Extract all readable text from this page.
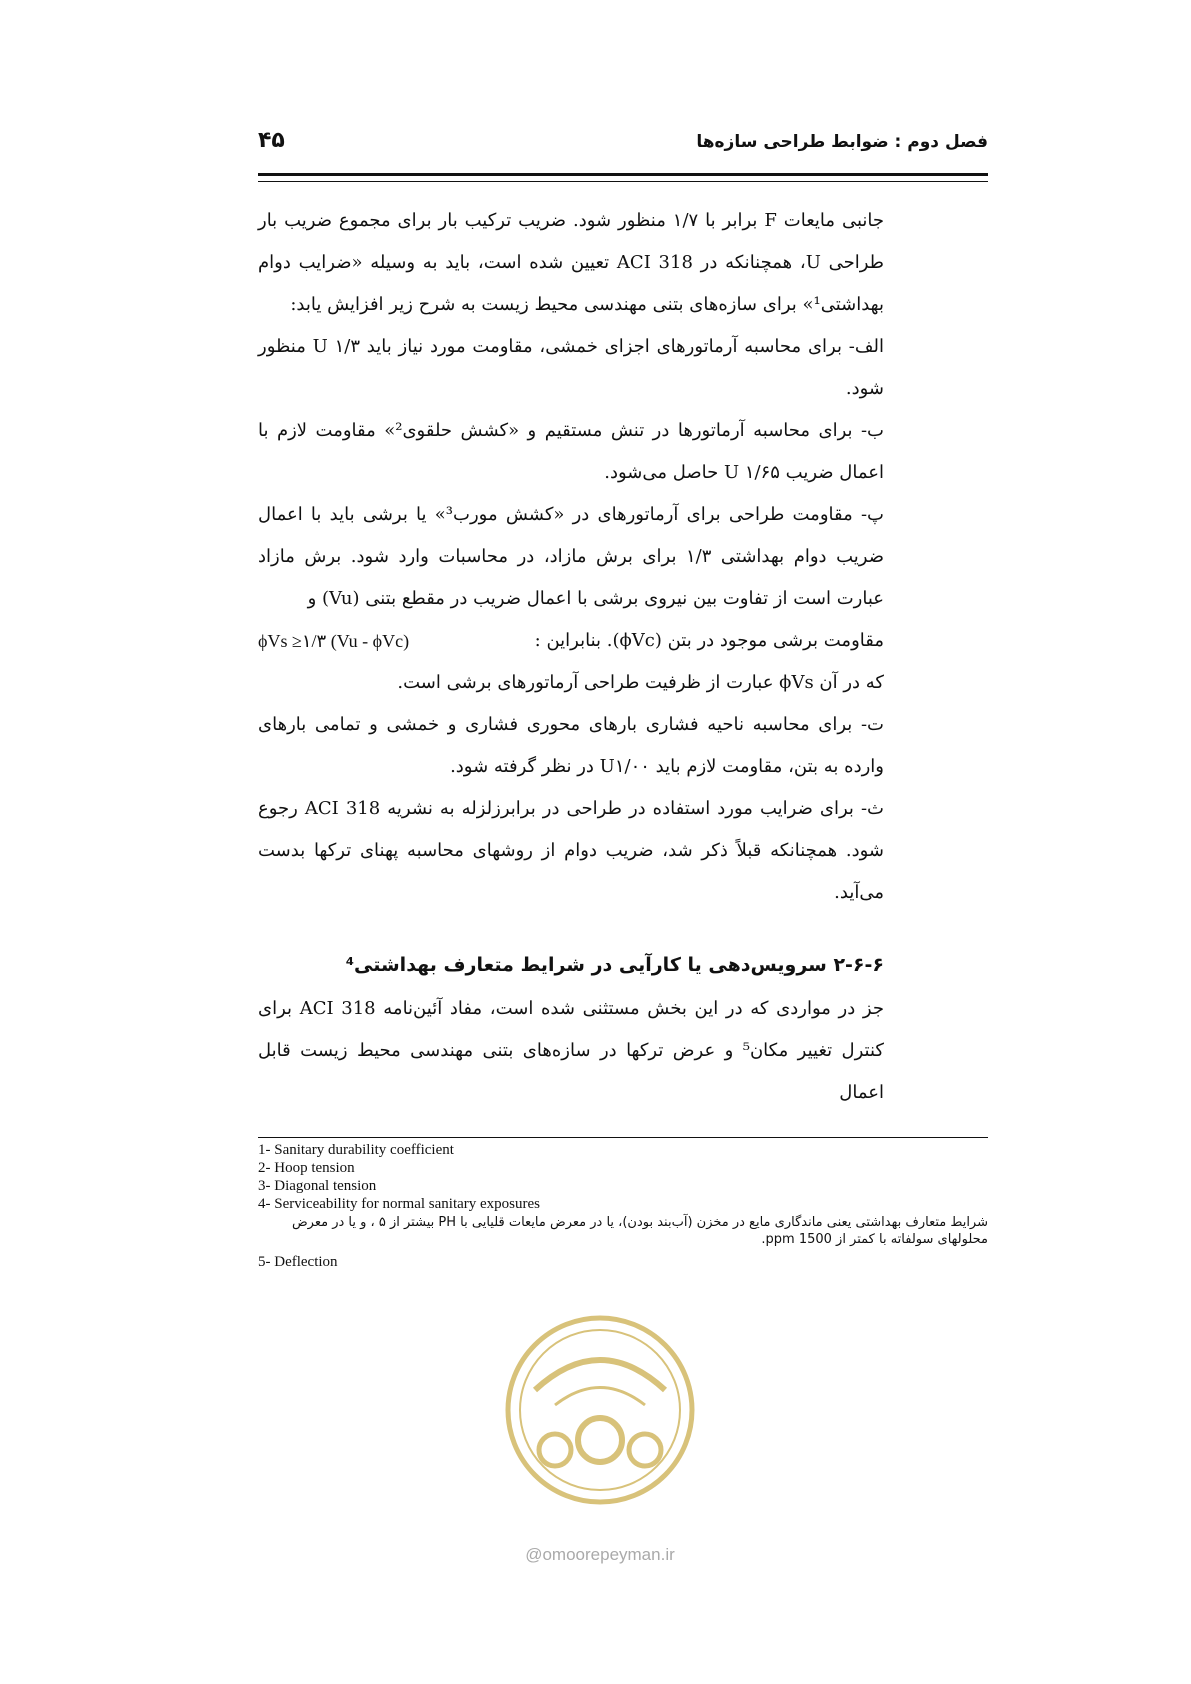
فصل دوم : ضوابط طراحی سازه‌ها
۴۵

جانبی مایعات F برابر با ۱/۷ منظور شود. ضریب ترکیب بار برای مجموع ضریب بار طراحی U، همچنانکه در ACI 318 تعیین شده است، باید به وسیله «ضرایب دوام بهداشتی¹» برای سازه‌های بتنی مهندسی محیط زیست به شرح زیر افزایش یابد:

الف- برای محاسبه آرماتورهای اجزای خمشی، مقاومت مورد نیاز باید U ۱/۳ منظور شود.

ب- برای محاسبه آرماتورها در تنش مستقیم و «کشش حلقوی²» مقاومت لازم با اعمال ضریب U ۱/۶۵ حاصل می‌شود.

پ- مقاومت طراحی برای آرماتورهای در «کشش مورب³» یا برشی باید با اعمال ضریب دوام بهداشتی ۱/۳ برای برش مازاد، در محاسبات وارد شود. برش مازاد عبارت است از تفاوت بین نیروی برشی با اعمال ضریب در مقطع بتنی (Vu) و

مقاومت برشی موجود در بتن (ϕVc). بنابراین :
ϕVs ≥۱/۳ (Vu - ϕVc)

که در آن ϕVs عبارت از ظرفیت طراحی آرماتورهای برشی است.

ت- برای محاسبه ناحیه فشاری بارهای محوری فشاری و خمشی و تمامی بارهای وارده به بتن، مقاومت لازم باید U۱/۰۰ در نظر گرفته شود.

ث- برای ضرایب مورد استفاده در طراحی در برابرزلزله به نشریه ACI 318 رجوع شود. همچنانکه قبلاً ذکر شد، ضریب دوام از روشهای محاسبه پهنای ترکها بدست می‌آید.

۲-۶-۶ سرویس‌دهی یا کارآیی در شرایط متعارف بهداشتی⁴

جز در مواردی که در این بخش مستثنی شده است، مفاد آئین‌نامه ACI 318 برای کنترل تغییر مکان⁵ و عرض ترکها در سازه‌های بتنی مهندسی محیط زیست قابل اعمال

1- Sanitary durability coefficient
2- Hoop tension
3- Diagonal tension
4- Serviceability for normal sanitary exposures
شرایط متعارف بهداشتی یعنی ماندگاری مایع در مخزن (آب‌بند بودن)، یا در معرض مایعات قلیایی با PH بیشتر از ۵ ، و یا در معرض محلولهای سولفاته با کمتر از 1500 ppm.
5- Deflection
@omoorepeyman.ir
